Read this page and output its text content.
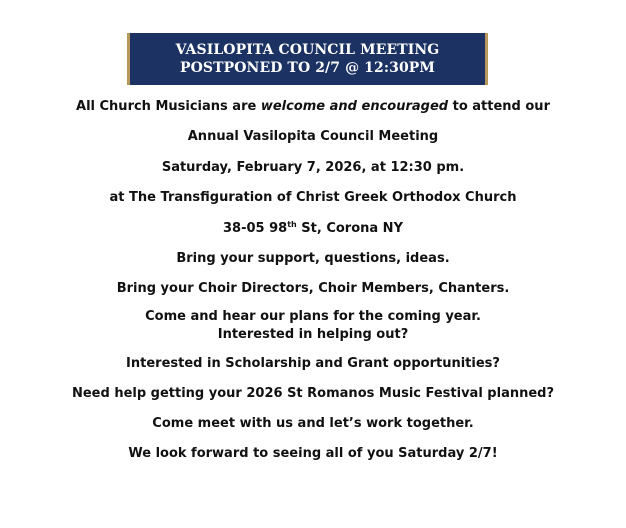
VASILOPITA COUNCIL MEETING
POSTPONED TO 2/7 @ 12:30PM
All Church Musicians are welcome and encouraged to attend our
Annual Vasilopita Council Meeting
Saturday, February 7, 2026, at 12:30 pm.
at The Transfiguration of Christ Greek Orthodox Church
38-05 98th St, Corona NY
Bring your support, questions, ideas.
Bring your Choir Directors, Choir Members, Chanters.
Come and hear our plans for the coming year.
Interested in helping out?
Interested in Scholarship and Grant opportunities?
Need help getting your 2026 St Romanos Music Festival planned?
Come meet with us and let’s work together.
We look forward to seeing all of you Saturday 2/7!
